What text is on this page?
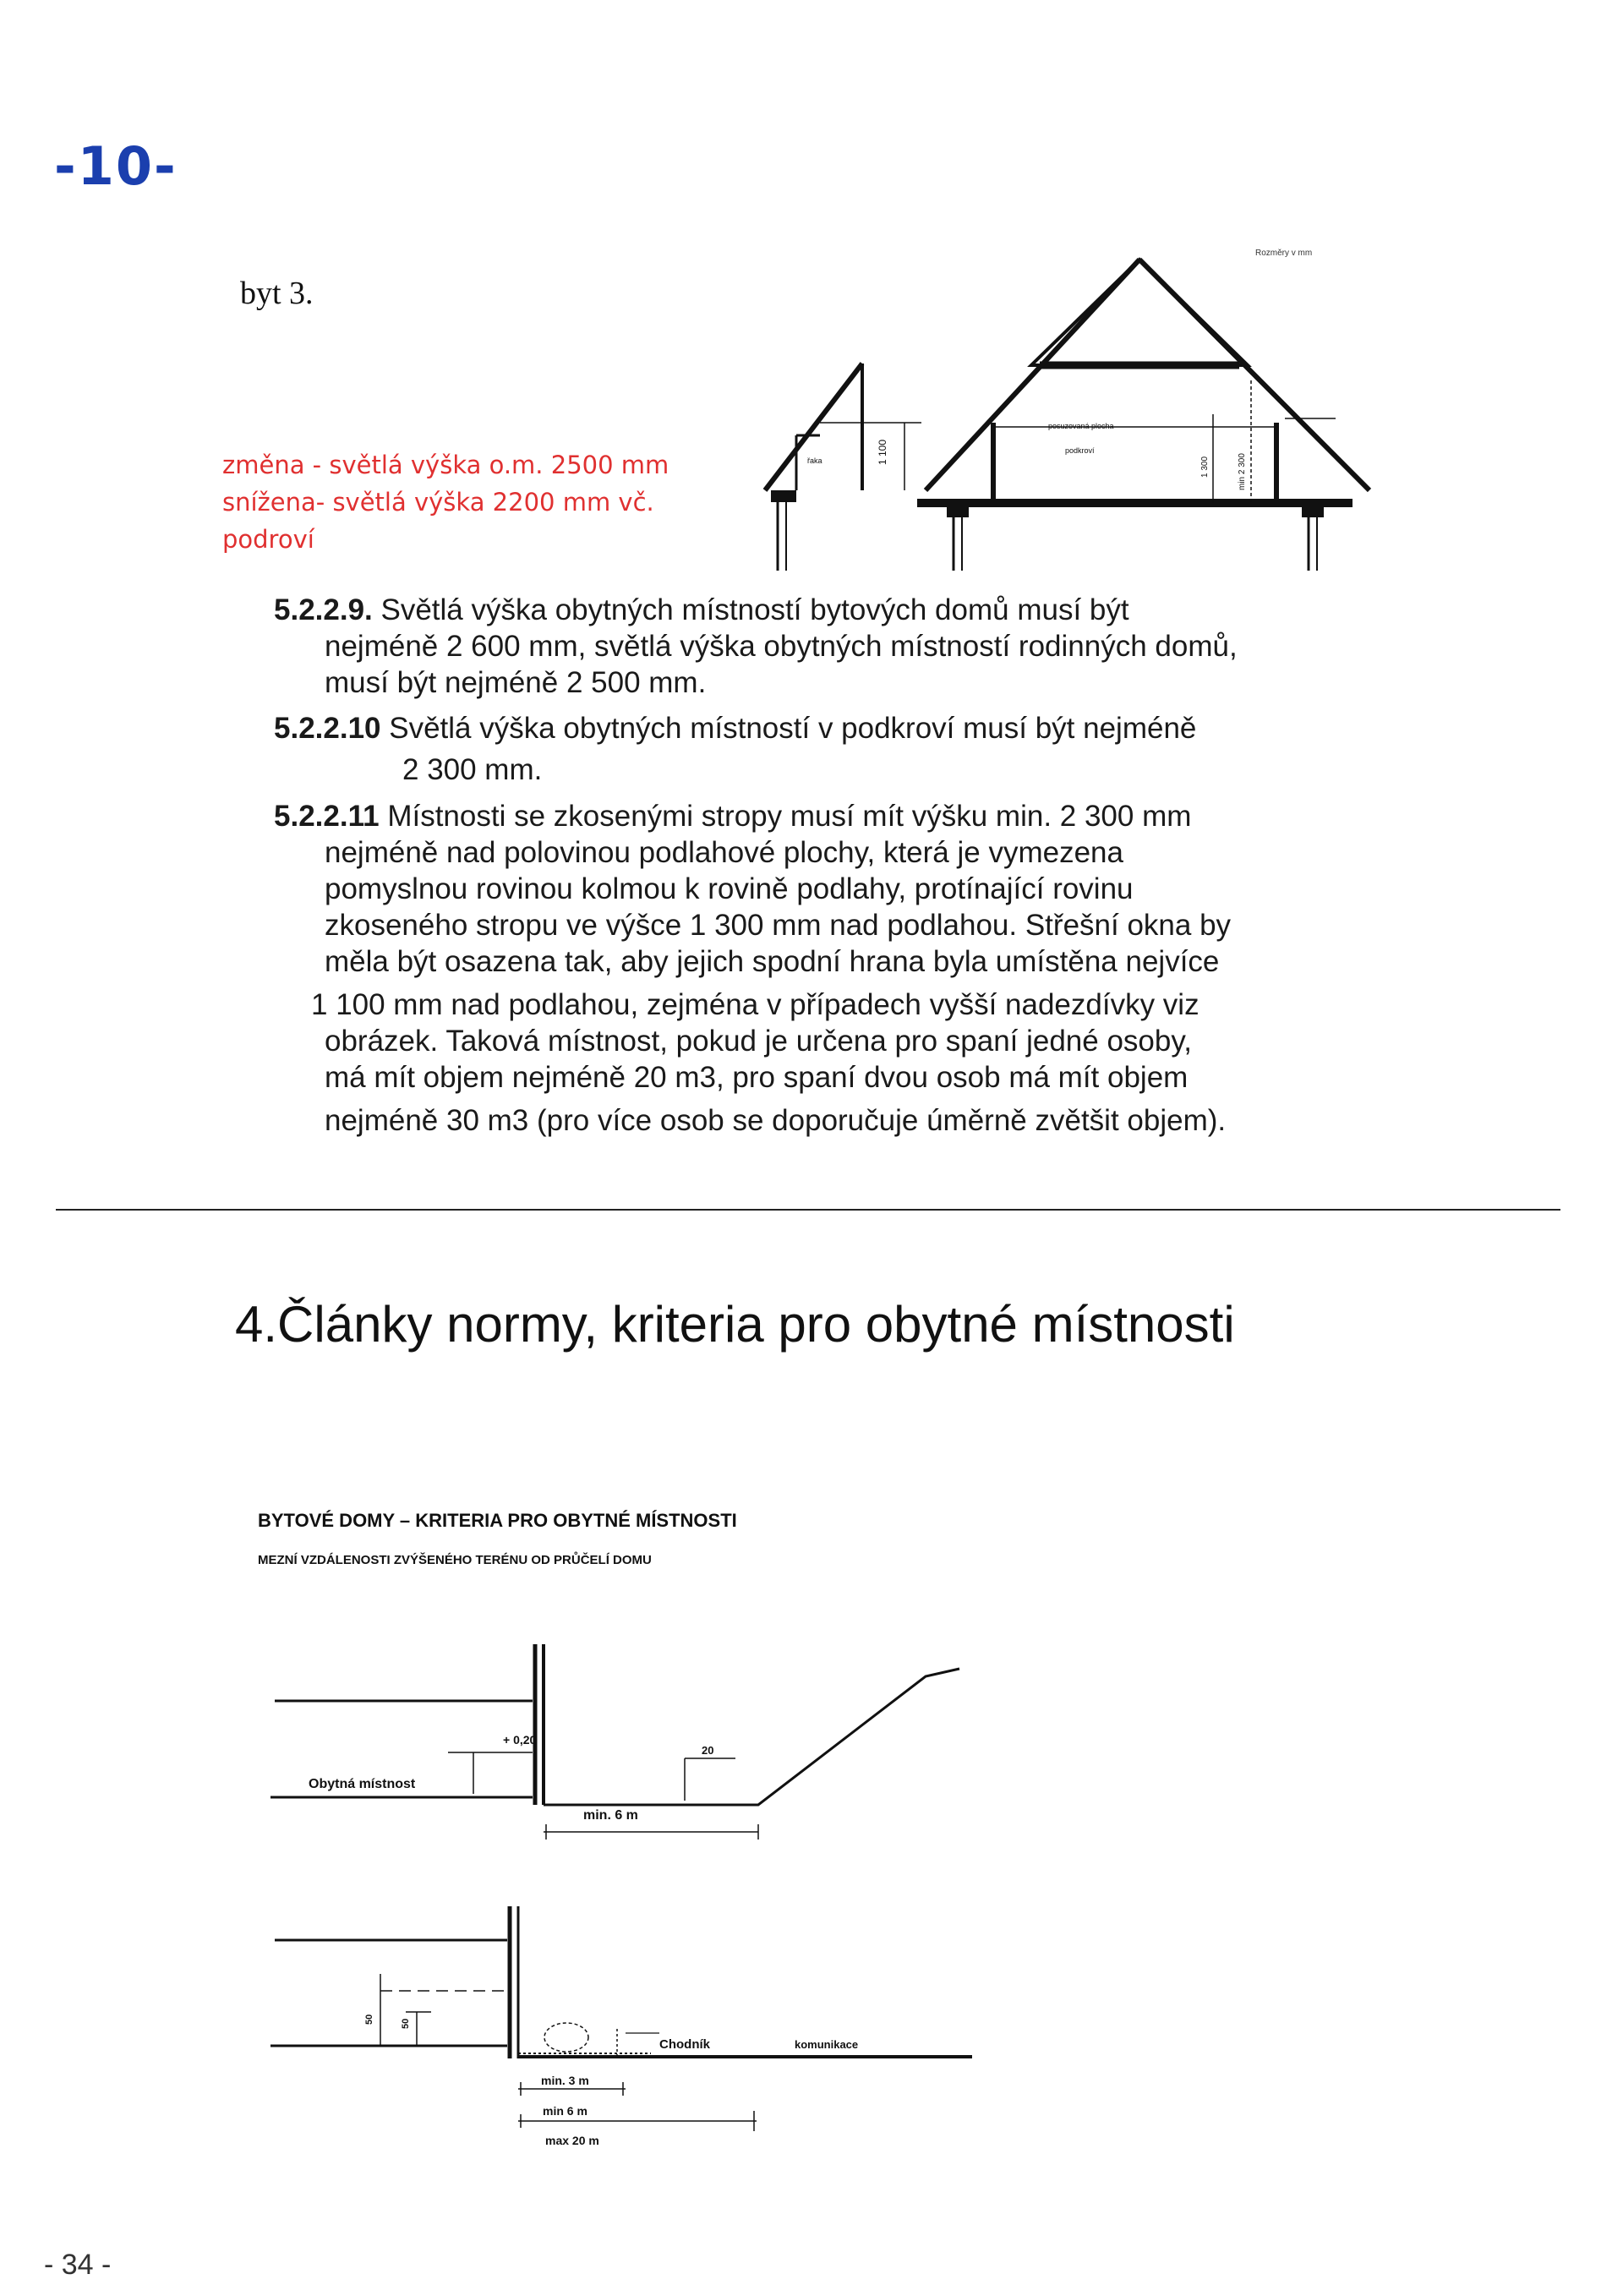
-10-
byt 3.
změna - světlá výška o.m. 2500 mm
snížena- světlá výška 2200 mm vč.
podroví
Rozměry v mm
řaka	1 100
posuzovaná plocha
podkroví
1 300	min 2 300
5.2.2.9. Světlá výška obytných místností bytových domů musí být
nejméně 2 600 mm, světlá výška obytných místností rodinných domů,
musí být nejméně 2 500 mm.
5.2.2.10 Světlá výška obytných místností v podkroví musí být nejméně
2 300 mm.
5.2.2.11 Místnosti se zkosenými stropy musí mít výšku min. 2 300 mm
nejméně nad polovinou podlahové plochy, která je vymezena
pomyslnou rovinou kolmou k rovině podlahy, protínající rovinu
zkoseného stropu ve výšce 1 300 mm nad podlahou. Střešní okna by
měla být osazena tak, aby jejich spodní hrana byla umístěna nejvíce
1 100 mm nad podlahou, zejména v případech vyšší nadezdívky viz
obrázek. Taková místnost, pokud je určena pro spaní jedné osoby,
má mít objem nejméně 20 m3, pro spaní dvou osob má mít objem
nejméně 30 m3 (pro více osob se doporučuje úměrně zvětšit objem).
4.Články normy, kriteria pro obytné místnosti
BYTOVÉ DOMY – KRITERIA PRO OBYTNÉ MÍSTNOSTI
MEZNÍ VZDÁLENOSTI ZVÝŠENÉHO TERÉNU OD PRŮČELÍ DOMU
Obytná místnost
+ 0,20
20
min. 6 m
50	50
Chodník	komunikace
min. 3 m
min 6 m
max 20 m
- 34 -
